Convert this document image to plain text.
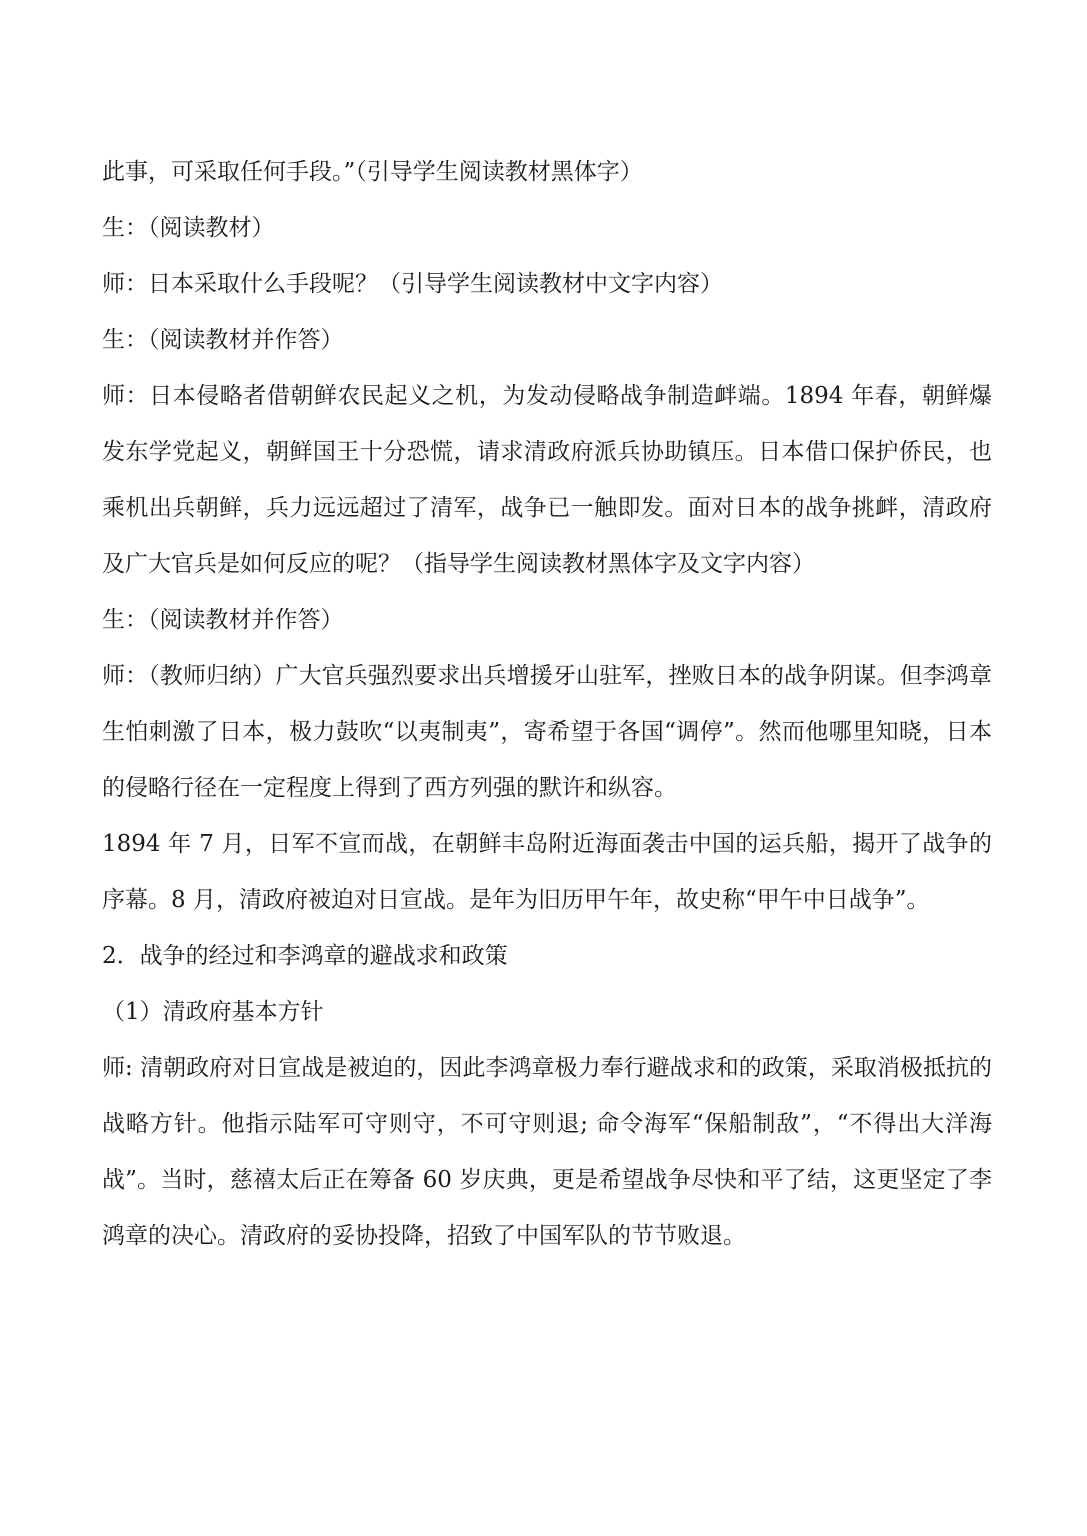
此事，可采取任何手段。”（引导学生阅读教材黑体字）

生：（阅读教材）

师：日本采取什么手段呢？（引导学生阅读教材中文字内容）

生：（阅读教材并作答）

师：日本侵略者借朝鲜农民起义之机，为发动侵略战争制造衅端。1894 年春，朝鲜爆发东学党起义，朝鲜国王十分恐慌，请求清政府派兵协助镇压。日本借口保护侨民，也乘机出兵朝鲜，兵力远远超过了清军，战争已一触即发。面对日本的战争挑衅，清政府及广大官兵是如何反应的呢？（指导学生阅读教材黑体字及文字内容）

生：（阅读教材并作答）

师：（教师归纳）广大官兵强烈要求出兵增援牙山驻军，挫败日本的战争阴谋。但李鸿章生怕刺激了日本，极力鼓吹“以夷制夷”，寄希望于各国“调停”。然而他哪里知晓，日本的侵略行径在一定程度上得到了西方列强的默许和纵容。

1894 年 7 月，日军不宣而战，在朝鲜丰岛附近海面袭击中国的运兵船，揭开了战争的序幕。8 月，清政府被迫对日宣战。是年为旧历甲午年，故史称“甲午中日战争”。

2．战争的经过和李鸿章的避战求和政策

（1）清政府基本方针

师: 清朝政府对日宣战是被迫的，因此李鸿章极力奉行避战求和的政策，采取消极抵抗的战略方针。他指示陆军可守则守，不可守则退; 命令海军“保船制敌”，“不得出大洋海战”。当时，慈禧太后正在筹备 60 岁庆典，更是希望战争尽快和平了结，这更坚定了李鸿章的决心。清政府的妥协投降，招致了中国军队的节节败退。
